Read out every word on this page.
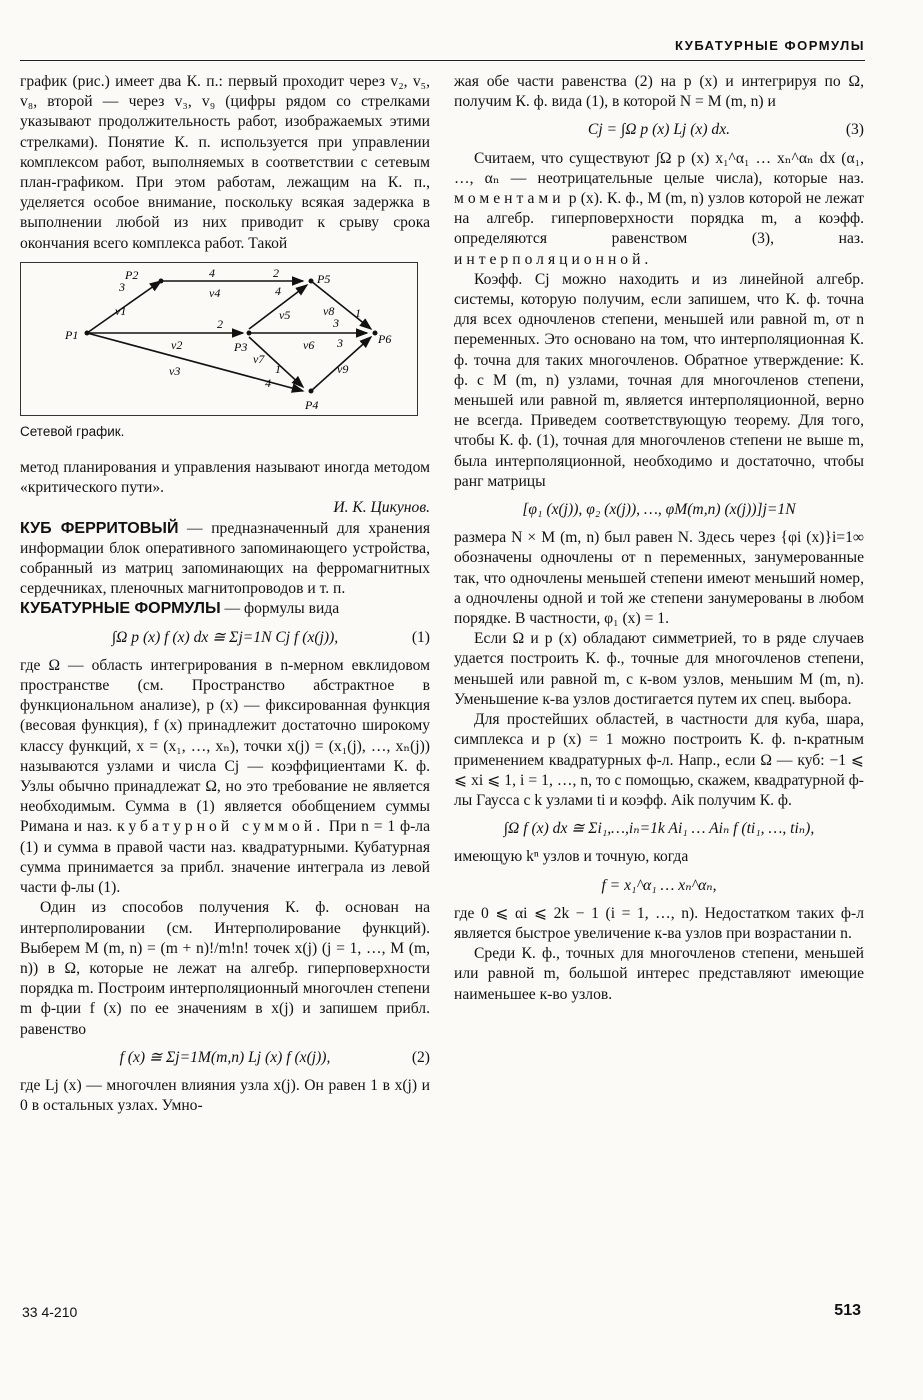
КУБАТУРНЫЕ ФОРМУЛЫ

график (рис.) имеет два К. п.: первый проходит через v₂, v₅, v₈, второй — через v₃, v₉ (цифры рядом со стрелками указывают продолжительность работ, изображаемых этими стрелками). Понятие К. п. используется при управлении комплексом работ, выполняемых в соответствии с сетевым план-графиком. При этом работам, лежащим на К. п., уделяется особое внимание, поскольку всякая задержка в выполнении любой из них приводит к срыву срока окончания всего комплекса работ. Такой

P1
P2
P3
P4
P5
P6
v1
v2
v3
v4
v5
v6
v7
v8
v9
3
2
2
4
4
4
3
1
3
1
Сетевой график.

метод планирования и управления называют иногда методом «критического пути».

И. К. Цикунов.

КУБ ФЕРРИТОВЫЙ — предназначенный для хранения информации блок оперативного запоминающего устройства, собранный из матриц запоминающих на ферромагнитных сердечниках, пленочных магнитопроводов и т. п.

КУБАТУРНЫЕ ФОРМУЛЫ — формулы вида

∫Ω p (x) f (x) dx ≅ Σj=1N Cj f (x(j)),	(1)

где Ω — область интегрирования в n-мерном евклидовом пространстве (см. Пространство абстрактное в функциональном анализе), p (x) — фиксированная функция (весовая функция), f (x) принадлежит достаточно широкому классу функций, x = (x₁, …, xₙ), точки x(j) = (x₁(j), …, xₙ(j)) называются узлами и числа Cj — коэффициентами К. ф. Узлы обычно принадлежат Ω, но это требование не является необходимым. Сумма в (1) является обобщением суммы Римана и наз. кубатурной суммой. При n = 1 ф-ла (1) и сумма в правой части наз. квадратурными. Кубатурная сумма принимается за прибл. значение интеграла из левой части ф-лы (1).

Один из способов получения К. ф. основан на интерполировании (см. Интерполирование функций). Выберем M (m, n) = (m + n)!/m!n! точек x(j) (j = 1, …, M (m, n)) в Ω, которые не лежат на алгебр. гиперповерхности порядка m. Построим интерполяционный многочлен степени m ф-ции f (x) по ее значениям в x(j) и запишем прибл. равенство

f (x) ≅ Σj=1M(m,n) Lj (x) f (x(j)),	(2)

где Lj (x) — многочлен влияния узла x(j). Он равен 1 в x(j) и 0 в остальных узлах. Умно-

жая обе части равенства (2) на p (x) и интегрируя по Ω, получим К. ф. вида (1), в которой N = M (m, n) и

Cj = ∫Ω p (x) Lj (x) dx.	(3)

Считаем, что существуют ∫Ω p (x) x₁^α₁ … xₙ^αₙ dx (α₁, …, αₙ — неотрицательные целые числа), которые наз. моментами p (x). К. ф., M (m, n) узлов которой не лежат на алгебр. гиперповерхности порядка m, а коэфф. определяются равенством (3), наз. интерполяционной.

Коэфф. Cj можно находить и из линейной алгебр. системы, которую получим, если запишем, что К. ф. точна для всех одночленов степени, меньшей или равной m, от n переменных. Это основано на том, что интерполяционная К. ф. точна для таких многочленов. Обратное утверждение: К. ф. с M (m, n) узлами, точная для многочленов степени, меньшей или равной m, является интерполяционной, верно не всегда. Приведем соответствующую теорему. Для того, чтобы К. ф. (1), точная для многочленов степени не выше m, была интерполяционной, необходимо и достаточно, чтобы ранг матрицы

[φ₁ (x(j)), φ₂ (x(j)), …, φM(m,n) (x(j))]j=1N

размера N × M (m, n) был равен N. Здесь через {φi (x)}i=1∞ обозначены одночлены от n переменных, занумерованные так, что одночлены меньшей степени имеют меньший номер, а одночлены одной и той же степени занумерованы в любом порядке. В частности, φ₁ (x) = 1.

Если Ω и p (x) обладают симметрией, то в ряде случаев удается построить К. ф., точные для многочленов степени, меньшей или равной m, с к-вом узлов, меньшим M (m, n). Уменьшение к-ва узлов достигается путем их спец. выбора.

Для простейших областей, в частности для куба, шара, симплекса и p (x) = 1 можно построить К. ф. n-кратным применением квадратурных ф-л. Напр., если Ω — куб: −1 ⩽ ⩽ xi ⩽ 1, i = 1, …, n, то с помощью, скажем, квадратурной ф-лы Гаусса с k узлами ti и коэфф. Aik получим К. ф.

∫Ω f (x) dx ≅ Σi₁,…,iₙ=1k Ai₁ … Aiₙ f (ti₁, …, tiₙ),

имеющую kⁿ узлов и точную, когда

f = x₁^α₁ … xₙ^αₙ,

где 0 ⩽ αi ⩽ 2k − 1 (i = 1, …, n). Недостатком таких ф-л является быстрое увеличение к-ва узлов при возрастании n.

Среди К. ф., точных для многочленов степени, меньшей или равной m, большой интерес представляют имеющие наименьшее к-во узлов.

33 4-210	513
